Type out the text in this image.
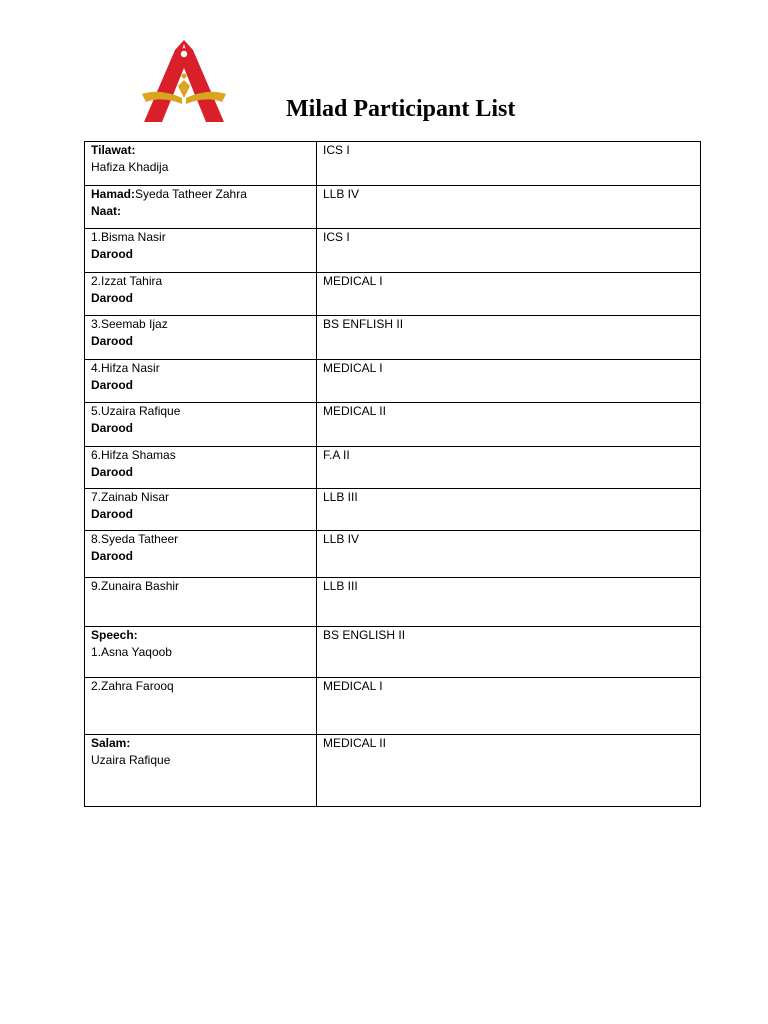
Milad Participant List
Tilawat:
Hafiza Khadija	ICS I

Hamad:Syeda Tatheer Zahra
Naat:	LLB IV

1.Bisma Nasir
Darood	ICS I

2.Izzat Tahira
Darood	MEDICAL I

3.Seemab Ijaz
Darood	BS ENFLISH II

4.Hifza Nasir
Darood	MEDICAL I

5.Uzaira Rafique
Darood	MEDICAL II

6.Hifza Shamas
Darood	F.A II

7.Zainab Nisar
Darood	LLB III

8.Syeda Tatheer
Darood	LLB IV

9.Zunaira Bashir	LLB III

Speech:
1.Asna Yaqoob	BS ENGLISH II

2.Zahra Farooq	MEDICAL I

Salam:
Uzaira Rafique	MEDICAL II
